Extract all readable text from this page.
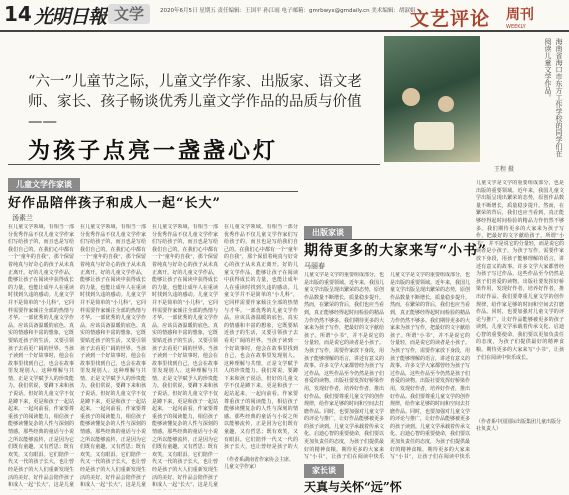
14 光明日報 文学	2020年6月5日 星期五 责任编辑：王国平 孙江雨 电子邮箱：gmrbwyx@gmdaily.cn 美术编辑：胡淑娟
文艺评论 周刊
WEEKLY
“六一”儿童节之际，儿童文学作家、出版家、语文老师、家长、孩子畅谈优秀儿童文学作品的品质与价值——
为孩子点亮一盏盏心灯	海南省海口市东方工作学校的同学们在阅读儿童文学作品。
王程 摄
儿童文学作家谈
好作品陪伴孩子和成人一起“长大”
汤素兰
在儿童文学领域，有相当一部分优秀作品不仅儿童文学作家们写给孩子的，而且也是写给我们自己的。在我们心中都有一个“童年的自我”，那个保留着纯真与好奇心的孩子从未真正离开。好的儿童文学作品，能够让孩子在阅读中获得成长的力量，也能让成年人在重读时找到久违的感动。儿童文学并不是简单的“小儿科”，它同样需要作家倾注全部的热情与才华。一部优秀的儿童文学作品，应该具备温暖的底色、真实的情感和丰富的想象，它既要贴近孩子的生活，又要引领孩子去看更广阔的世界。当孩子读到一个好故事时，他会在故事里找到自己，也会在故事里发现别人。这种理解与共情，正是文学赋予人的珍贵能力。我们常说，要蹲下来和孩子说话，但好的儿童文学不仅是蹲下来，更是和孩子一起站起来，一起向前看。作家要尊重孩子的阅读能力，相信孩子能够读懂复杂的人性与深刻的情感。那些经典的童话与小说之所以能够流传，正是因为它们既有童趣，又有哲思；既有欢笑，又有眼泪。它们陪伴一代又一代的孩子长大，也让曾经是孩子的大人们重新发现生活的美好。好作品会陪伴孩子和成人一起“长大”，这是儿童
在儿童文学领域，有相当一部分优秀作品不仅儿童文学作家们写给孩子的，而且也是写给我们自己的。在我们心中都有一个“童年的自我”，那个保留着纯真与好奇心的孩子从未真正离开。好的儿童文学作品，能够让孩子在阅读中获得成长的力量，也能让成年人在重读时找到久违的感动。儿童文学并不是简单的“小儿科”，它同样需要作家倾注全部的热情与才华。一部优秀的儿童文学作品，应该具备温暖的底色、真实的情感和丰富的想象，它既要贴近孩子的生活，又要引领孩子去看更广阔的世界。当孩子读到一个好故事时，他会在故事里找到自己，也会在故事里发现别人。这种理解与共情，正是文学赋予人的珍贵能力。我们常说，要蹲下来和孩子说话，但好的儿童文学不仅是蹲下来，更是和孩子一起站起来，一起向前看。作家要尊重孩子的阅读能力，相信孩子能够读懂复杂的人性与深刻的情感。那些经典的童话与小说之所以能够流传，正是因为它们既有童趣，又有哲思；既有欢笑，又有眼泪。它们陪伴一代又一代的孩子长大，也让曾经是孩子的大人们重新发现生活的美好。好作品会陪伴孩子和成人一起“长大”，这是儿童
在儿童文学领域，有相当一部分优秀作品不仅儿童文学作家们写给孩子的，而且也是写给我们自己的。在我们心中都有一个“童年的自我”，那个保留着纯真与好奇心的孩子从未真正离开。好的儿童文学作品，能够让孩子在阅读中获得成长的力量，也能让成年人在重读时找到久违的感动。儿童文学并不是简单的“小儿科”，它同样需要作家倾注全部的热情与才华。一部优秀的儿童文学作品，应该具备温暖的底色、真实的情感和丰富的想象，它既要贴近孩子的生活，又要引领孩子去看更广阔的世界。当孩子读到一个好故事时，他会在故事里找到自己，也会在故事里发现别人。这种理解与共情，正是文学赋予人的珍贵能力。我们常说，要蹲下来和孩子说话，但好的儿童文学不仅是蹲下来，更是和孩子一起站起来，一起向前看。作家要尊重孩子的阅读能力，相信孩子能够读懂复杂的人性与深刻的情感。那些经典的童话与小说之所以能够流传，正是因为它们既有童趣，又有哲思；既有欢笑，又有眼泪。它们陪伴一代又一代的孩子长大，也让曾经是孩子的大人们重新发现生活的美好。好作品会陪伴孩子和成人一起“长大”，这是儿童
在儿童文学领域，有相当一部分优秀作品不仅儿童文学作家们写给孩子的，而且也是写给我们自己的。在我们心中都有一个“童年的自我”，那个保留着纯真与好奇心的孩子从未真正离开。好的儿童文学作品，能够让孩子在阅读中获得成长的力量，也能让成年人在重读时找到久违的感动。儿童文学并不是简单的“小儿科”，它同样需要作家倾注全部的热情与才华。一部优秀的儿童文学作品，应该具备温暖的底色、真实的情感和丰富的想象，它既要贴近孩子的生活，又要引领孩子去看更广阔的世界。当孩子读到一个好故事时，他会在故事里找到自己，也会在故事里发现别人。这种理解与共情，正是文学赋予人的珍贵能力。我们常说，要蹲下来和孩子说话，但好的儿童文学不仅是蹲下来，更是和孩子一起站起来，一起向前看。作家要尊重孩子的阅读能力，相信孩子能够读懂复杂的人性与深刻的情感。那些经典的童话与小说之所以能够流传，正是因为它们既有童趣，又有哲思；既有欢笑，又有眼泪。它们陪伴一代又一代的孩子长大，也让曾经是孩子的大
（作者系湖南省作家协会主席、儿童文学作家）
出版家谈
期待更多的大家来写“小书”
马丽春
儿童文学是文学的重要组成部分，也是出版的重要领域。近年来，我国儿童文学出版呈现出繁荣的态势，原创作品数量不断增长，质量稳步提升。然而，在繁荣的背后，我们也应当看到，真正能够经得起时间检验的精品力作仍然不够多。我们期待更多的大家来为孩子写作，把最好的文字献给孩子。所谓“小书”，并不是说它的分量轻，而是说它的读者是小孩子。为孩子写作，需要作家放下身段，用孩子能够理解的语言，讲述有意义的故事。许多文学大家都曾经为孩子写过作品，这些作品至今仍然是孩子们喜爱的读物。出版社要发挥好桥梁作用，发现好作者，培养好作者，推出好作品。我们要尊重儿童文学的创作规律，给作家足够的时间和空间去打磨作品。同时，也要加强对儿童文学的评论与推广，让好作品能够被更多的孩子读到。儿童文学承载着传承文化、启迪心智的重要使命，我们要以更加负责任的态度，为孩子们提供最好的精神食粮。期待更多的大家来写“小书”，让孩子们在阅读中快乐
儿童文学是文学的重要组成部分，也是出版的重要领域。近年来，我国儿童文学出版呈现出繁荣的态势，原创作品数量不断增长，质量稳步提升。然而，在繁荣的背后，我们也应当看到，真正能够经得起时间检验的精品力作仍然不够多。我们期待更多的大家来为孩子写作，把最好的文字献给孩子。所谓“小书”，并不是说它的分量轻，而是说它的读者是小孩子。为孩子写作，需要作家放下身段，用孩子能够理解的语言，讲述有意义的故事。许多文学大家都曾经为孩子写过作品，这些作品至今仍然是孩子们喜爱的读物。出版社要发挥好桥梁作用，发现好作者，培养好作者，推出好作品。我们要尊重儿童文学的创作规律，给作家足够的时间和空间去打磨作品。同时，也要加强对儿童文学的评论与推广，让好作品能够被更多的孩子读到。儿童文学承载着传承文化、启迪心智的重要使命，我们要以更加负责任的态度，为孩子们提供最好的精神食粮。期待更多的大家来写“小书”，让孩子们在阅读中快乐
儿童文学是文学的重要组成部分，也是出版的重要领域。近年来，我国儿童文学出版呈现出繁荣的态势，原创作品数量不断增长，质量稳步提升。然而，在繁荣的背后，我们也应当看到，真正能够经得起时间检验的精品力作仍然不够多。我们期待更多的大家来为孩子写作，把最好的文字献给孩子。所谓“小书”，并不是说它的分量轻，而是说它的读者是小孩子。为孩子写作，需要作家放下身段，用孩子能够理解的语言，讲述有意义的故事。许多文学大家都曾经为孩子写过作品，这些作品至今仍然是孩子们喜爱的读物。出版社要发挥好桥梁作用，发现好作者，培养好作者，推出好作品。我们要尊重儿童文学的创作规律，给作家足够的时间和空间去打磨作品。同时，也要加强对儿童文学的评论与推广，让好作品能够被更多的孩子读到。儿童文学承载着传承文化、启迪心智的重要使命，我们要以更加负责任的态度，为孩子们提供最好的精神食粮。期待更多的大家来写“小书”，让孩子们在阅读中快乐成长。
（作者系中国国际出版集团儿童出版分社负责人）
家长谈
天真与关怀“远”怀
